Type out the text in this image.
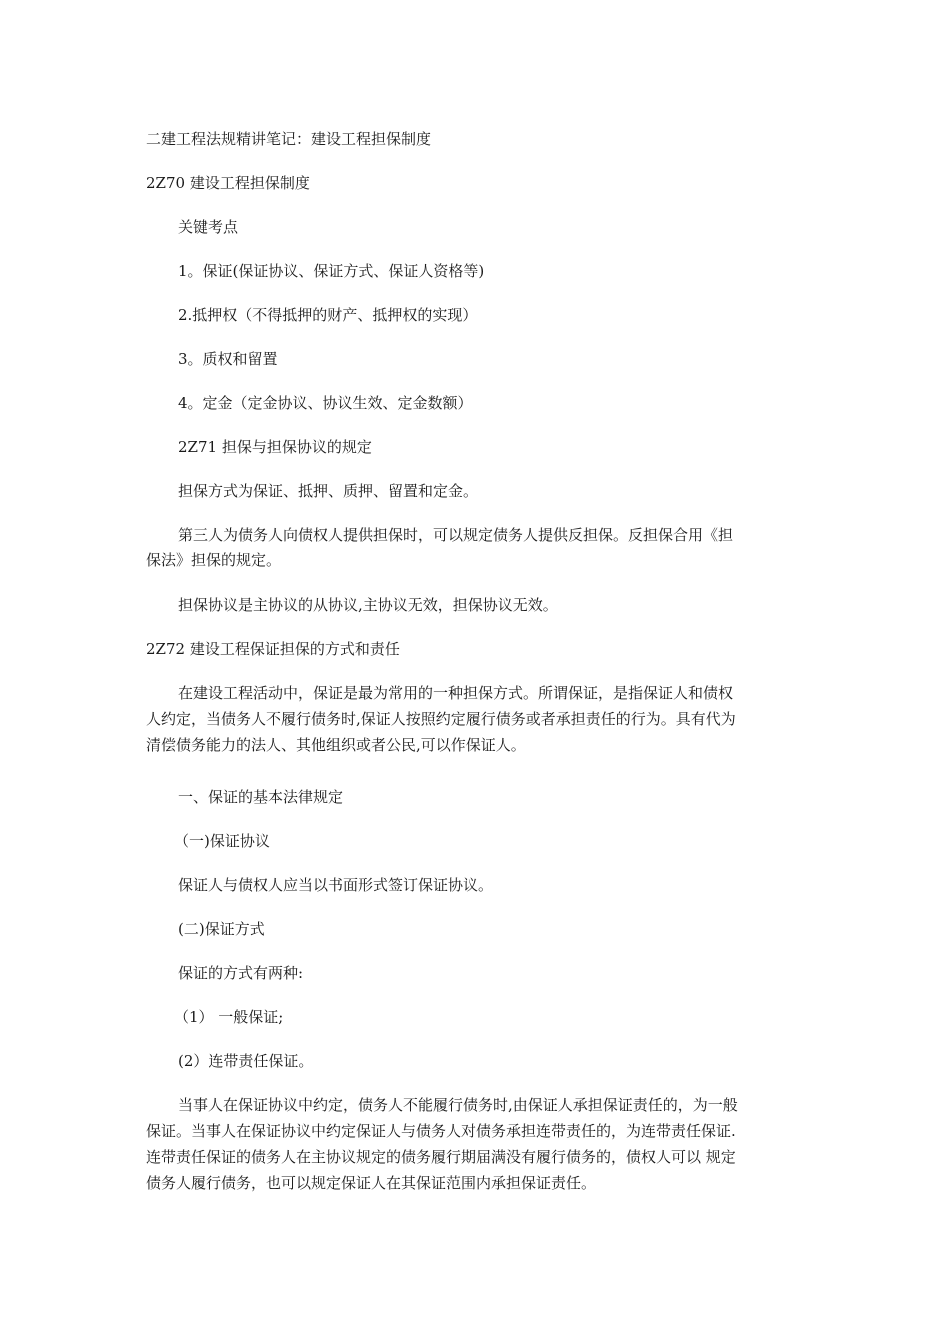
二建工程法规精讲笔记：建设工程担保制度

2Z70 建设工程担保制度

关键考点

1。保证(保证协议、保证方式、保证人资格等)

2.抵押权（不得抵押的财产、抵押权的实现）

3。质权和留置

4。定金（定金协议、协议生效、定金数额）

2Z71 担保与担保协议的规定

担保方式为保证、抵押、质押、留置和定金。

第三人为债务人向债权人提供担保时，可以规定债务人提供反担保。反担保合用《担

保法》担保的规定。

担保协议是主协议的从协议,主协议无效，担保协议无效。

2Z72 建设工程保证担保的方式和责任

在建设工程活动中，保证是最为常用的一种担保方式。所谓保证，是指保证人和债权

人约定，当债务人不履行债务时,保证人按照约定履行债务或者承担责任的行为。具有代为

清偿债务能力的法人、其他组织或者公民,可以作保证人。

一、保证的基本法律规定

（一)保证协议

保证人与债权人应当以书面形式签订保证协议。

(二)保证方式

保证的方式有两种:

（1） 一般保证;

(2）连带责任保证。

当事人在保证协议中约定，债务人不能履行债务时,由保证人承担保证责任的，为一般

保证。当事人在保证协议中约定保证人与债务人对债务承担连带责任的，为连带责任保证.

连带责任保证的债务人在主协议规定的债务履行期届满没有履行债务的，债权人可以 规定

债务人履行债务，也可以规定保证人在其保证范围内承担保证责任。
